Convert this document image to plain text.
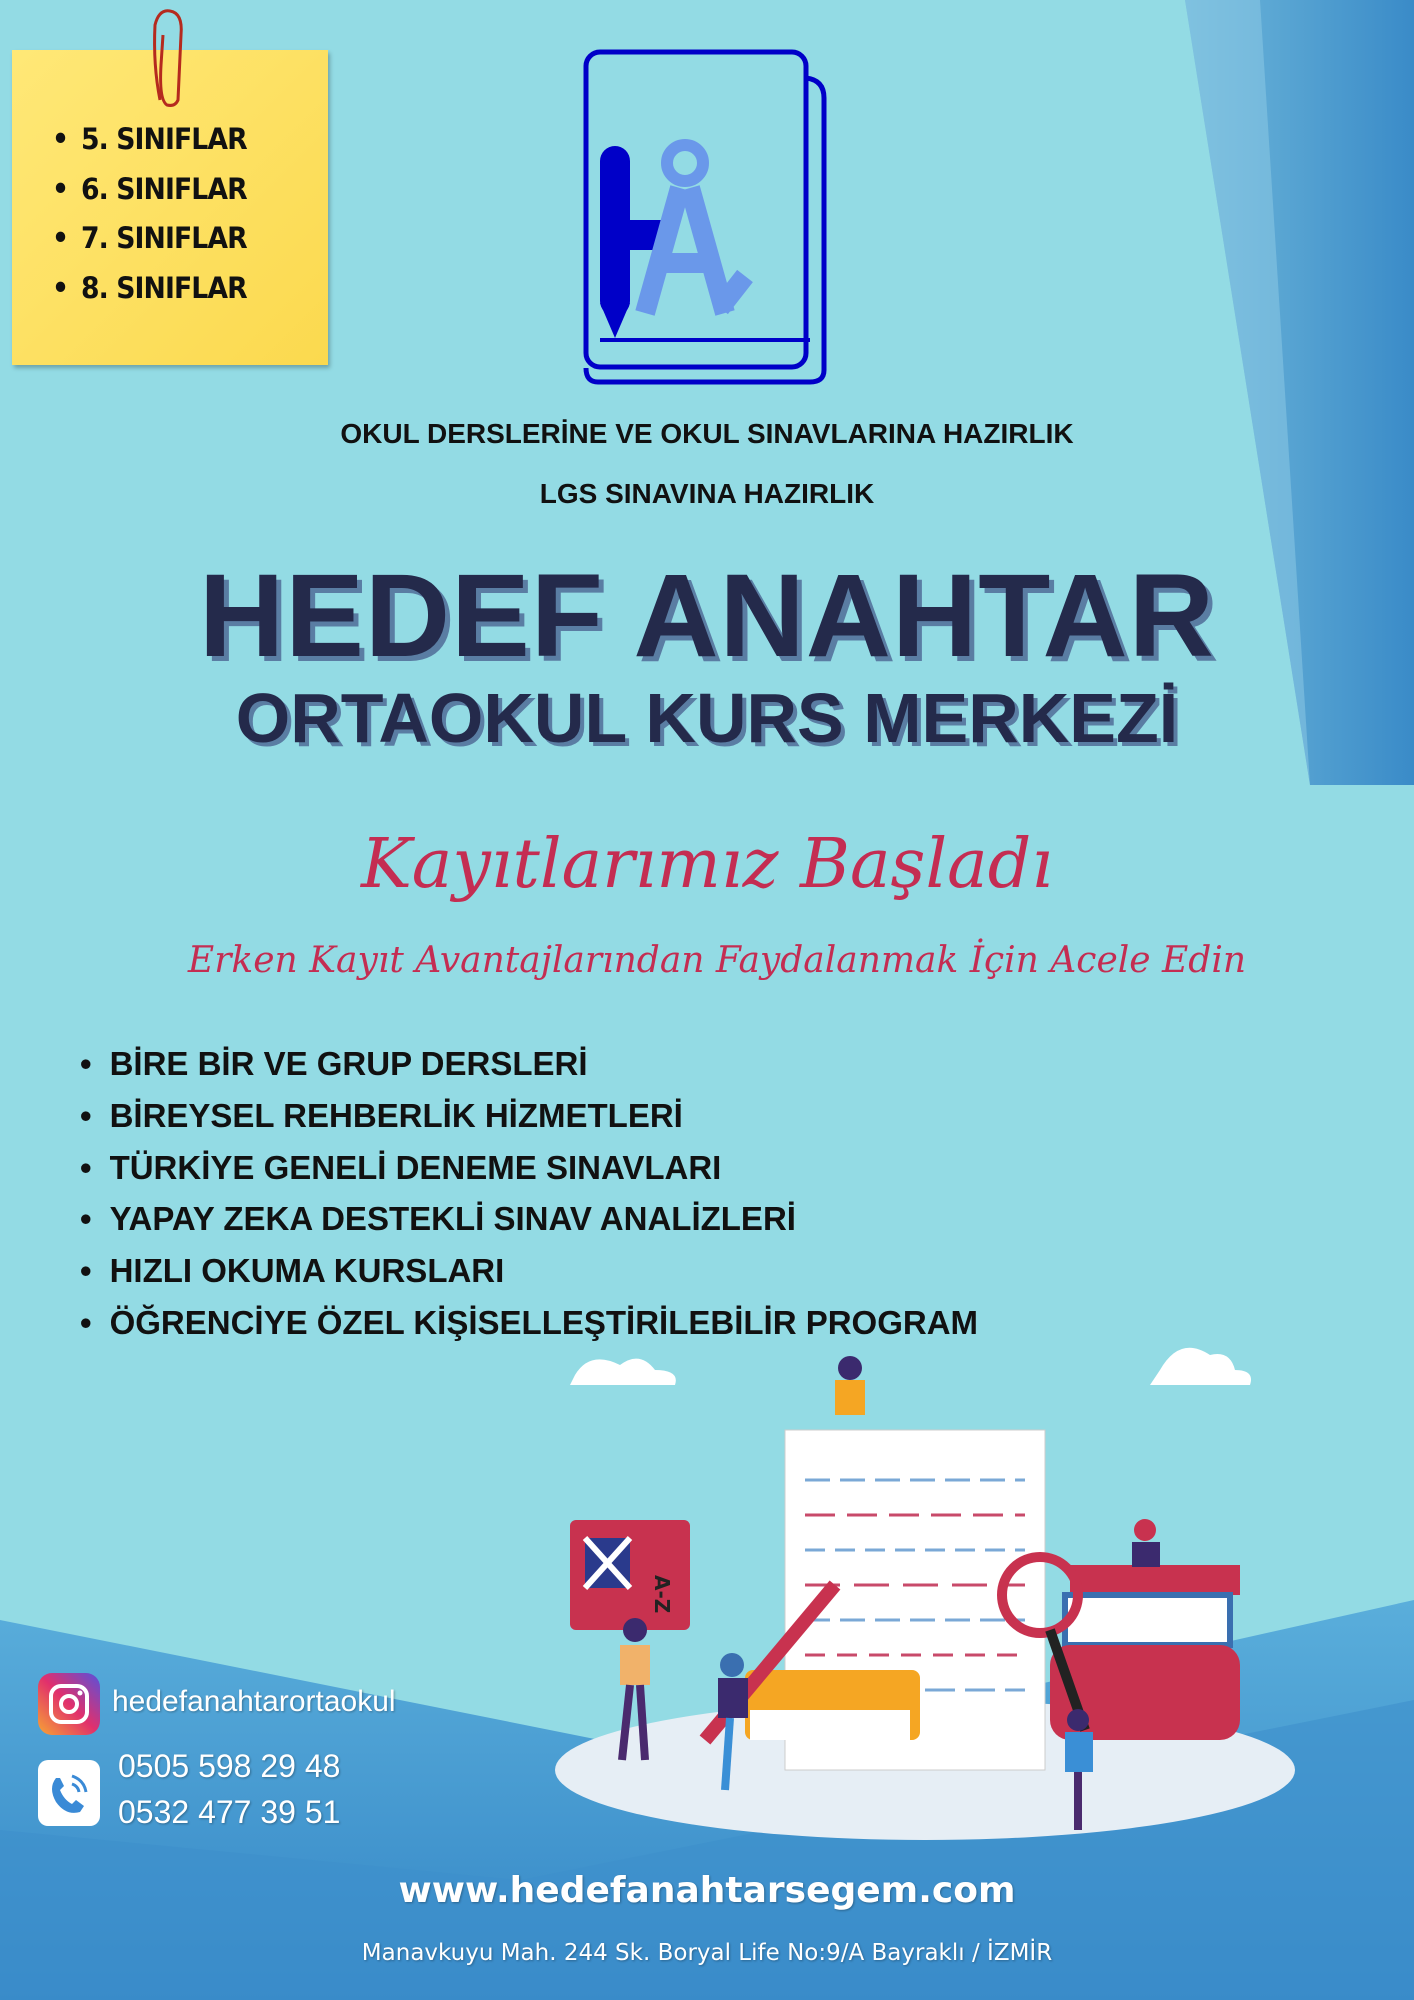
• 5. SINIFLAR
• 6. SINIFLAR
• 7. SINIFLAR
• 8. SINIFLAR
OKUL DERSLERİNE VE OKUL SINAVLARINA HAZIRLIK
LGS SINAVINA HAZIRLIK
HEDEF ANAHTAR
ORTAOKUL KURS MERKEZİ
Kayıtlarımız Başladı
Erken Kayıt Avantajlarından Faydalanmak İçin Acele Edin
• BİRE BİR VE GRUP DERSLERİ
• BİREYSEL REHBERLİK HİZMETLERİ
• TÜRKİYE GENELİ DENEME SINAVLARI
• YAPAY ZEKA DESTEKLİ SINAV ANALİZLERİ
• HIZLI OKUMA KURSLARI
• ÖĞRENCİYE ÖZEL KİŞİSELLEŞTİRİLEBİLİR PROGRAM
A-Z
hedefanahtarortaokul
0505 598 29 48
0532 477 39 51
www.hedefanahtarsegem.com
Manavkuyu Mah. 244 Sk. Boryal Life No:9/A Bayraklı / İZMİR
